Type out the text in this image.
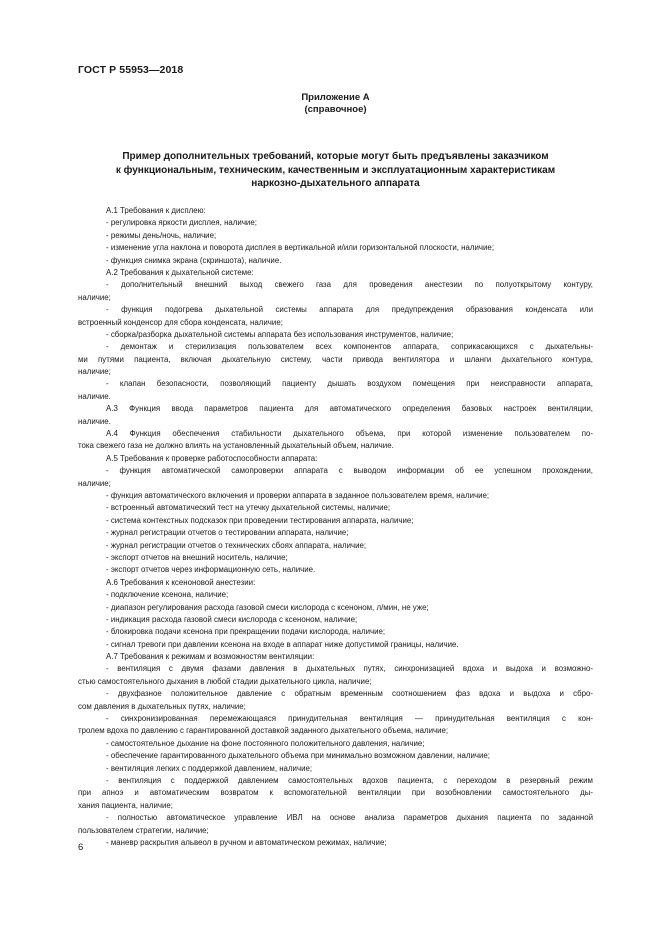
ГОСТ Р 55953—2018
Приложение А
(справочное)
Пример дополнительных требований, которые могут быть предъявлены заказчиком
к функциональным, техническим, качественным и эксплуатационным характеристикам
наркозно-дыхательного аппарата
А.1 Требования к дисплею:
- регулировка яркости дисплея, наличие;
- режимы день/ночь, наличие;
- изменение угла наклона и поворота дисплея в вертикальной и/или горизонтальной плоскости, наличие;
- функция снимка экрана (скриншота), наличие.
А.2 Требования к дыхательной системе:
- дополнительный внешний выход свежего газа для проведения анестезии по полуоткрытому контуру,
наличие;
- функция подогрева дыхательной системы аппарата для предупреждения образования конденсата или
встроенный конденсор для сбора конденсата, наличие;
- сборка/разборка дыхательной системы аппарата без использования инструментов, наличие;
- демонтаж и стерилизация пользователем всех компонентов аппарата, соприкасающихся с дыхательны-
ми путями пациента, включая дыхательную систему, части привода вентилятора и шланги дыхательного контура,
наличие;
- клапан безопасности, позволяющий пациенту дышать воздухом помещения при неисправности аппарата,
наличие.
А.3 Функция ввода параметров пациента для автоматического определения базовых настроек вентиляции,
наличие.
А.4 Функция обеспечения стабильности дыхательного объема, при которой изменение пользователем по-
тока свежего газа не должно влиять на установленный дыхательный объем, наличие.
А.5 Требования к проверке работоспособности аппарата:
- функция автоматической самопроверки аппарата с выводом информации об ее успешном прохождении,
наличие;
- функция автоматического включения и проверки аппарата в заданное пользователем время, наличие;
- встроенный автоматический тест на утечку дыхательной системы, наличие;
- система контекстных подсказок при проведении тестирования аппарата, наличие;
- журнал регистрации отчетов о тестировании аппарата, наличие;
- журнал регистрации отчетов о технических сбоях аппарата, наличие;
- экспорт отчетов на внешний носитель, наличие;
- экспорт отчетов через информационную сеть, наличие.
А.6 Требования к ксеноновой анестезии:
- подключение ксенона, наличие;
- диапазон регулирования расхода газовой смеси кислорода с ксеноном, л/мин, не уже;
- индикация расхода газовой смеси кислорода с ксеноном, наличие;
- блокировка подачи ксенона при прекращении подачи кислорода, наличие;
- сигнал тревоги при давлении ксенона на входе в аппарат ниже допустимой границы, наличие.
А.7 Требования к режимам и возможностям вентиляции:
- вентиляция с двумя фазами давления в дыхательных путях, синхронизацией вдоха и выдоха и возможно-
стью самостоятельного дыхания в любой стадии дыхательного цикла, наличие;
- двухфазное положительное давление с обратным временным соотношением фаз вдоха и выдоха и сбро-
сом давления в дыхательных путях, наличие;
- синхронизированная перемежающаяся принудительная вентиляция — принудительная вентиляция с кон-
тролем вдоха по давлению с гарантированной доставкой заданного дыхательного объема, наличие;
- самостоятельное дыхание на фоне постоянного положительного давления, наличие;
- обеспечение гарантированного дыхательного объема при минимально возможном давлении, наличие;
- вентиляция легких с поддержкой давлением, наличие;
- вентиляция с поддержкой давлением самостоятельных вдохов пациента, с переходом в резервный режим
при апноэ и автоматическим возвратом к вспомогательной вентиляции при возобновлении самостоятельного ды-
хания пациента, наличие;
- полностью автоматическое управление ИВЛ на основе анализа параметров дыхания пациента по заданной
пользователем стратегии, наличие;
- маневр раскрытия альвеол в ручном и автоматическом режимах, наличие;
6
